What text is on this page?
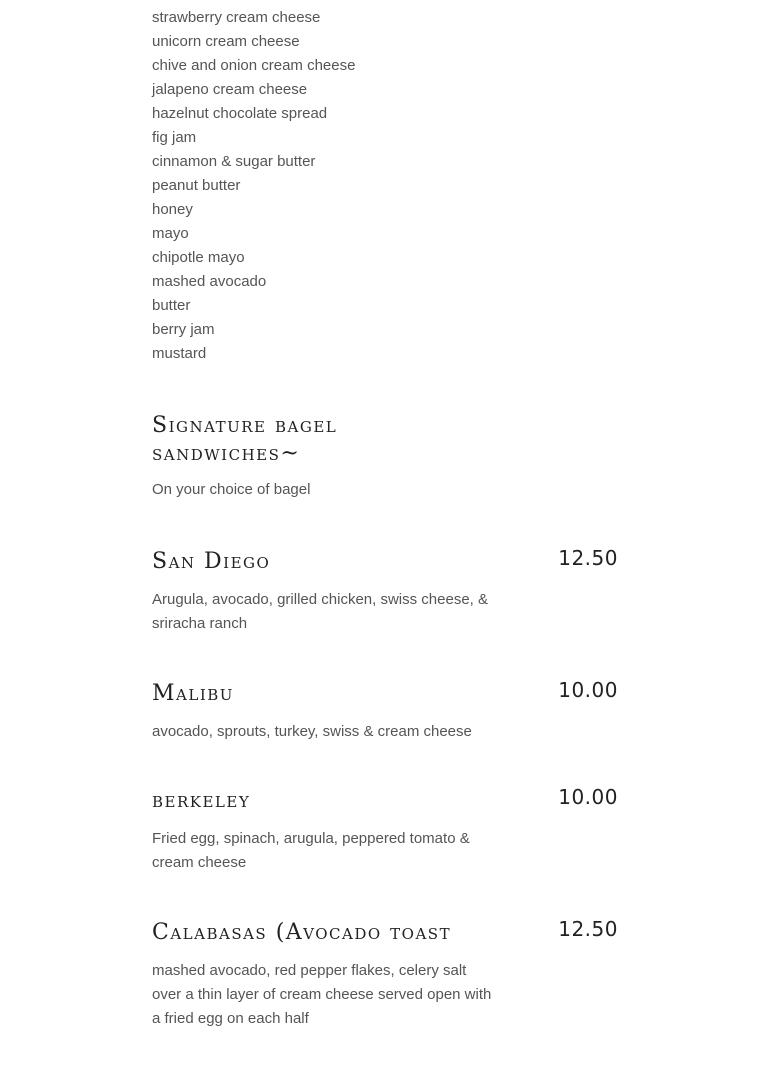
strawberry cream cheese
unicorn cream cheese
chive and onion cream cheese
jalapeno cream cheese
hazelnut chocolate spread
fig jam
cinnamon & sugar butter
peanut butter
honey
mayo
chipotle mayo
mashed avocado
butter
berry jam
mustard
Signature bagel sandwiches~
On your choice of bagel
San Diego	12.50
Arugula, avocado, grilled chicken, swiss cheese, & sriracha ranch
Malibu	10.00
avocado, sprouts, turkey, swiss & cream cheese
berkeley	10.00
Fried egg, spinach, arugula, peppered tomato & cream cheese
Calabasas (Avocado toast	12.50
mashed avocado, red pepper flakes, celery salt over a thin layer of cream cheese served open with a fried egg on each half
